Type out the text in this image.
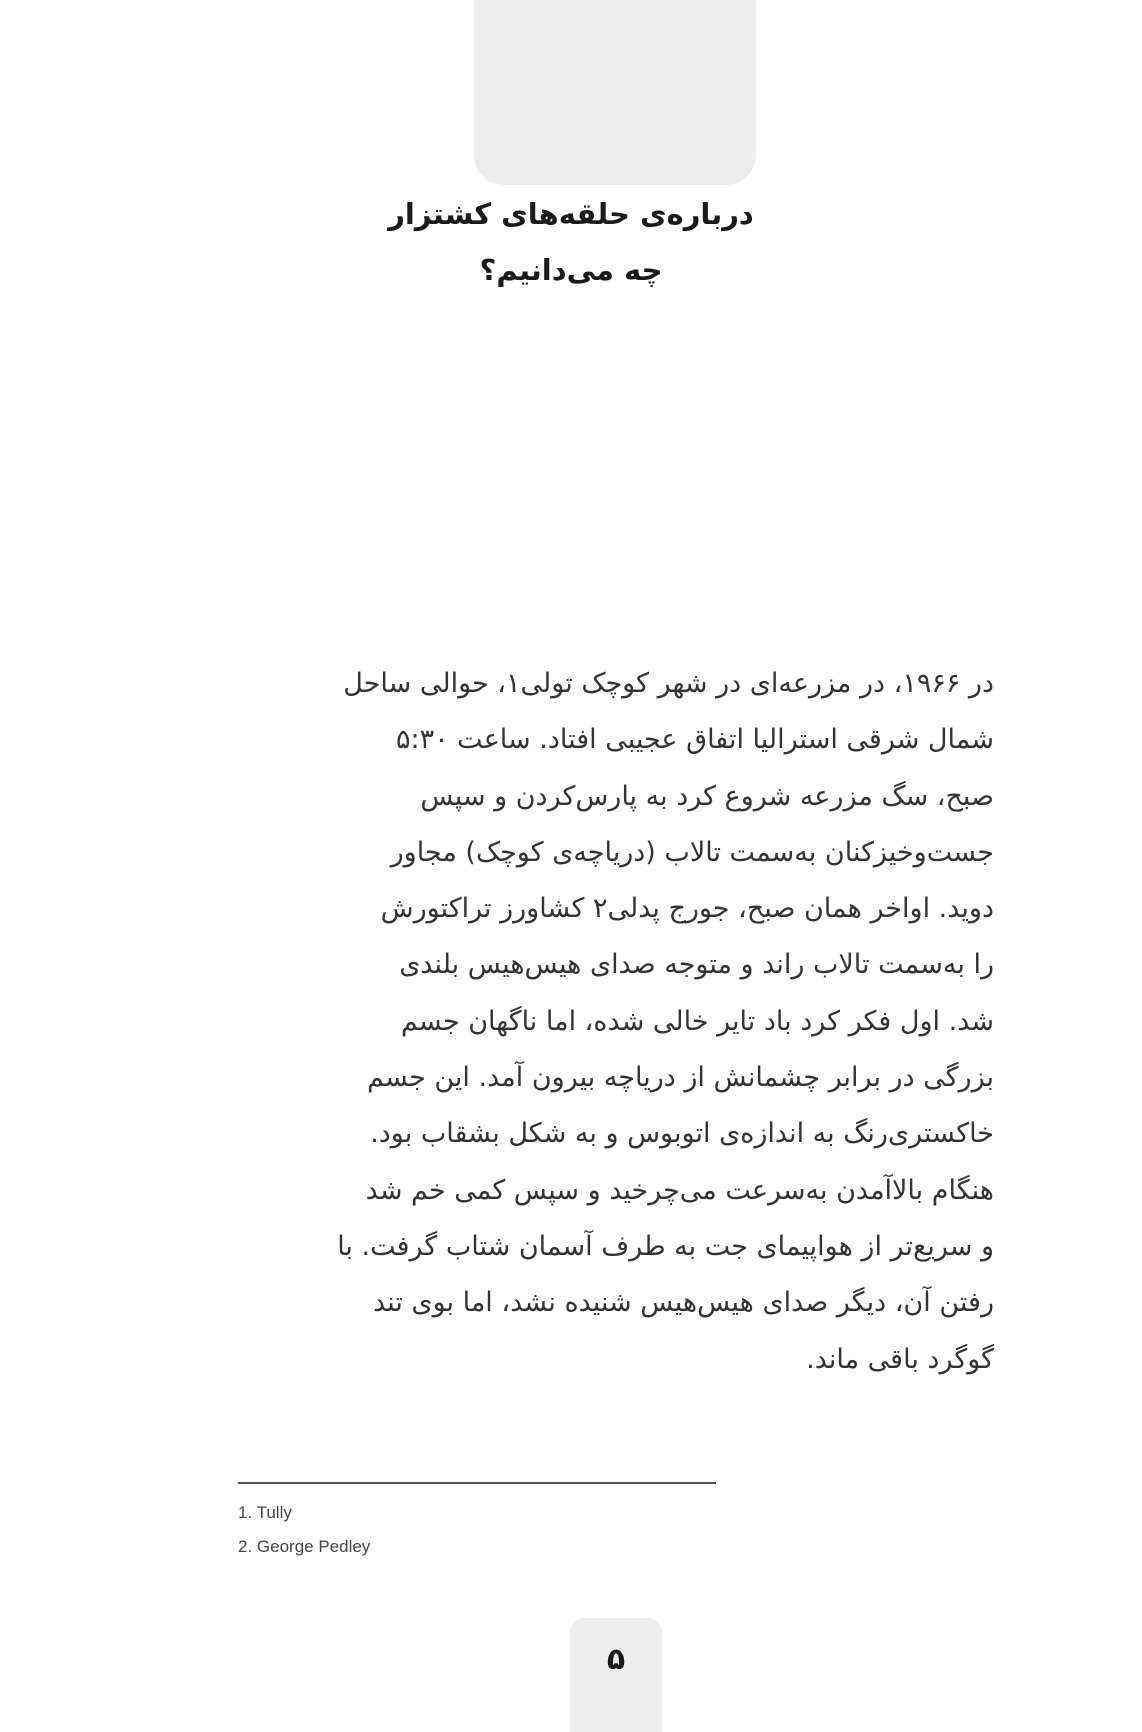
درباره‌ی حلقه‌های کشتزار
چه می‌دانیم؟
در ۱۹۶۶، در مزرعه‌ای در شهر کوچک تولی۱، حوالی ساحل
شمال شرقی استرالیا اتفاق عجیبی افتاد. ساعت ۵:۳۰
صبح، سگ مزرعه شروع کرد به پارس‌کردن و سپس
جست‌وخیزکنان به‌سمت تالاب (دریاچه‌ی کوچک) مجاور
دوید. اواخر همان صبح، جورج پدلی۲ کشاورز تراکتورش
را به‌سمت تالاب راند و متوجه صدای هیس‌هیس بلندی
شد. اول فکر کرد باد تایر خالی شده، اما ناگهان جسم
بزرگی در برابر چشمانش از دریاچه بیرون آمد. این جسم
خاکستری‌رنگ به اندازه‌ی اتوبوس و به شکل بشقاب بود.
هنگام بالاآمدن به‌سرعت می‌چرخید و سپس کمی خم شد
و سریع‌تر از هواپیمای جت به طرف آسمان شتاب گرفت. با
رفتن آن، دیگر صدای هیس‌هیس شنیده نشد، اما بوی تند
گوگرد باقی ماند.
1. Tully
2. George Pedley
۵
